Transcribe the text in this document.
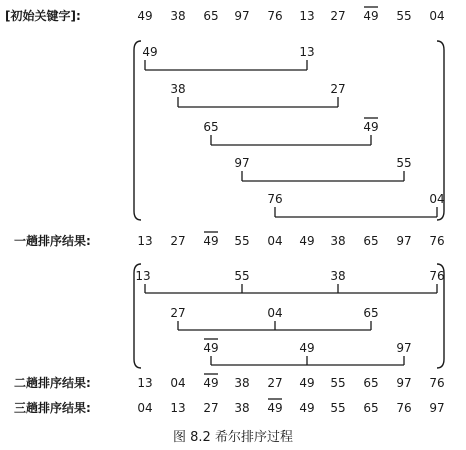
[初始关键字]:	49 38 65 97 76 13 27 49 55 04
49	13
38	27
65	49
97	55
76	04
一趟排序结果:	13 27 49 55 04 49 38 65 97 76
13	55	38	76
27	04	65
49	49	97
二趟排序结果:	13 04 49 38 27 49 55 65 97 76
三趟排序结果:	04 13 27 38 49 49 55 65 76 97
图 8.2 希尔排序过程
